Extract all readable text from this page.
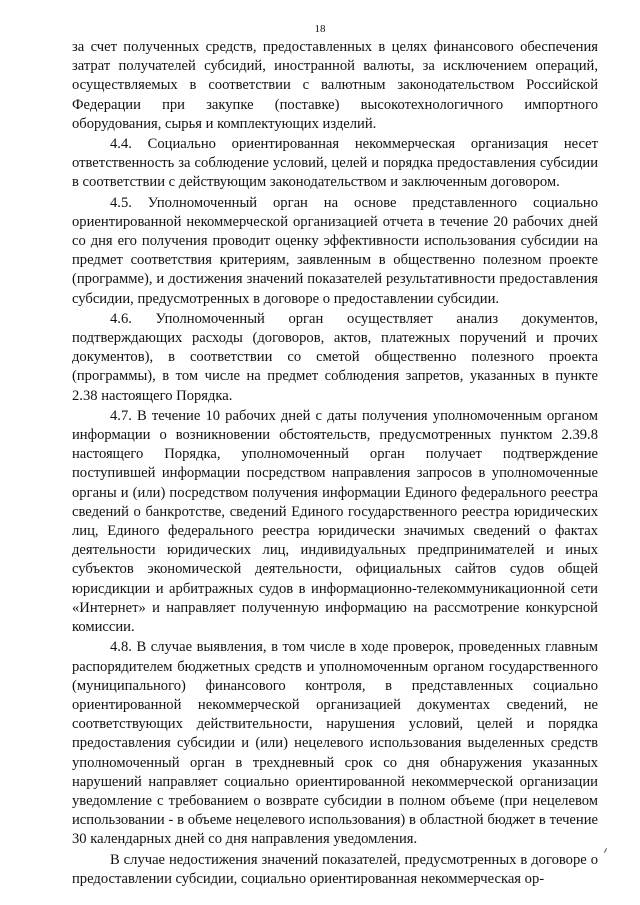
18

за счет полученных средств, предоставленных в целях финансового обеспечения затрат получателей субсидий, иностранной валюты, за исключением операций, осуществляемых в соответствии с валютным законодательством Российской Федерации при закупке (поставке) высокотехнологичного импортного оборудования, сырья и комплектующих изделий.

4.4. Социально ориентированная некоммерческая организация несет ответственность за соблюдение условий, целей и порядка предоставления субсидии в соответствии с действующим законодательством и заключенным договором.

4.5. Уполномоченный орган на основе представленного социально ориентированной некоммерческой организацией отчета в течение 20 рабочих дней со дня его получения проводит оценку эффективности использования субсидии на предмет соответствия критериям, заявленным в общественно полезном проекте (программе), и достижения значений показателей результативности предоставления субсидии, предусмотренных в договоре о предоставлении субсидии.

4.6. Уполномоченный орган осуществляет анализ документов, подтверждающих расходы (договоров, актов, платежных поручений и прочих документов), в соответствии со сметой общественно полезного проекта (программы), в том числе на предмет соблюдения запретов, указанных в пункте 2.38 настоящего Порядка.

4.7. В течение 10 рабочих дней с даты получения уполномоченным органом информации о возникновении обстоятельств, предусмотренных пунктом 2.39.8 настоящего Порядка, уполномоченный орган получает подтверждение поступившей информации посредством направления запросов в уполномоченные органы и (или) посредством получения информации Единого федерального реестра сведений о банкротстве, сведений Единого государственного реестра юридических лиц, Единого федерального реестра юридически значимых сведений о фактах деятельности юридических лиц, индивидуальных предпринимателей и иных субъектов экономической деятельности, официальных сайтов судов общей юрисдикции и арбитражных судов в информационно-телекоммуникационной сети «Интернет» и направляет полученную информацию на рассмотрение конкурсной комиссии.

4.8. В случае выявления, в том числе в ходе проверок, проведенных главным распорядителем бюджетных средств и уполномоченным органом государственного (муниципального) финансового контроля, в представленных социально ориентированной некоммерческой организацией документах сведений, не соответствующих действительности, нарушения условий, целей и порядка предоставления субсидии и (или) нецелевого использования выделенных средств уполномоченный орган в трехдневный срок со дня обнаружения указанных нарушений направляет социально ориентированной некоммерческой организации уведомление с требованием о возврате субсидии в полном объеме (при нецелевом использовании - в объеме нецелевого использования) в областной бюджет в течение 30 календарных дней со дня направления уведомления.

В случае недостижения значений показателей, предусмотренных в договоре о предоставлении субсидии, социально ориентированная некоммерческая ор-
